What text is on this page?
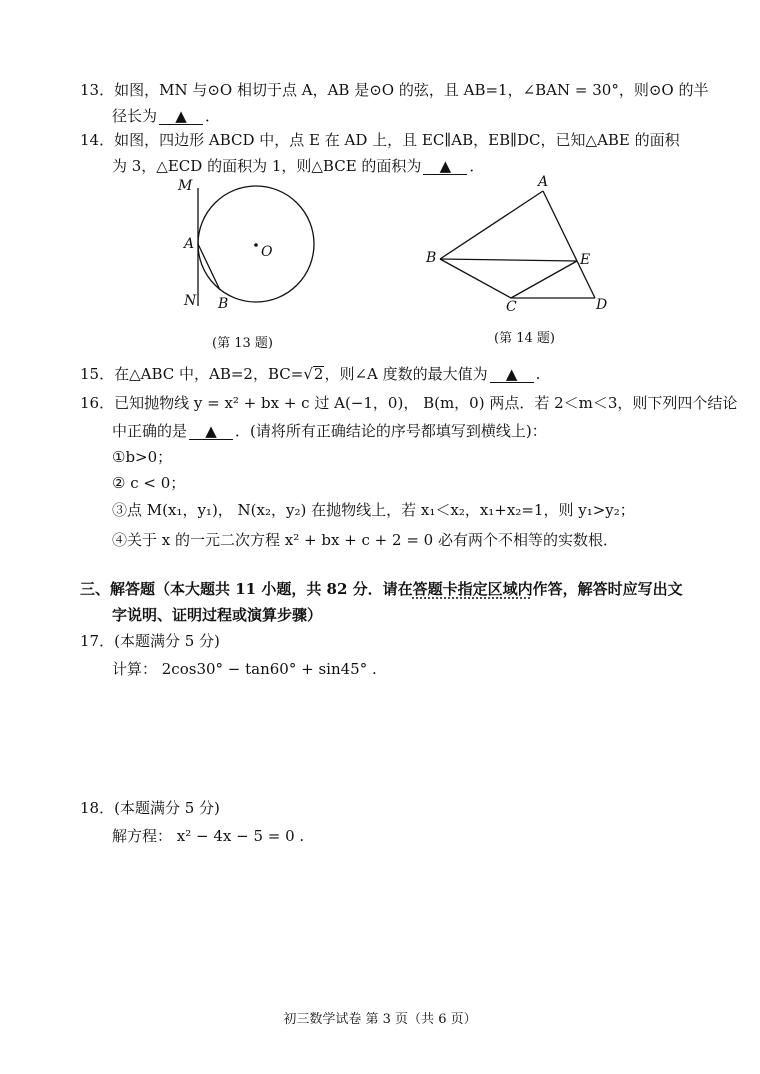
13．如图，MN 与⊙O 相切于点 A，AB 是⊙O 的弦，且 AB=1，∠BAN = 30°，则⊙O 的半
径长为 ▲ ．
14．如图，四边形 ABCD 中，点 E 在 AD 上，且 EC∥AB，EB∥DC，已知△ABE 的面积
为 3，△ECD 的面积为 1，则△BCE 的面积为 ▲ ．
M
A
N B
O
(第 13 题)
A
B	E
C	D
(第 14 题)
15．在△ABC 中，AB=2，BC=√2，则∠A 度数的最大值为 ▲ .
16．已知抛物线 y = x² + bx + c 过 A(−1，0)， B(m，0) 两点．若 2＜m＜3，则下列四个结论
中正确的是 ▲ ．(请将所有正确结论的序号都填写到横线上)：
①b>0；
② c < 0；
③点 M(x₁，y₁)， N(x₂，y₂) 在抛物线上，若 x₁＜x₂，x₁+x₂=1，则 y₁>y₂；
④关于 x 的一元二次方程 x² + bx + c + 2 = 0 必有两个不相等的实数根．
三、解答题（本大题共 11 小题，共 82 分．请在答题卡指定区域内作答，解答时应写出文
字说明、证明过程或演算步骤）
17．(本题满分 5 分)
计算： 2cos30° − tan60° + sin45° .
18．(本题满分 5 分)
解方程： x² − 4x − 5 = 0 .
初三数学试卷 第 3 页（共 6 页）
